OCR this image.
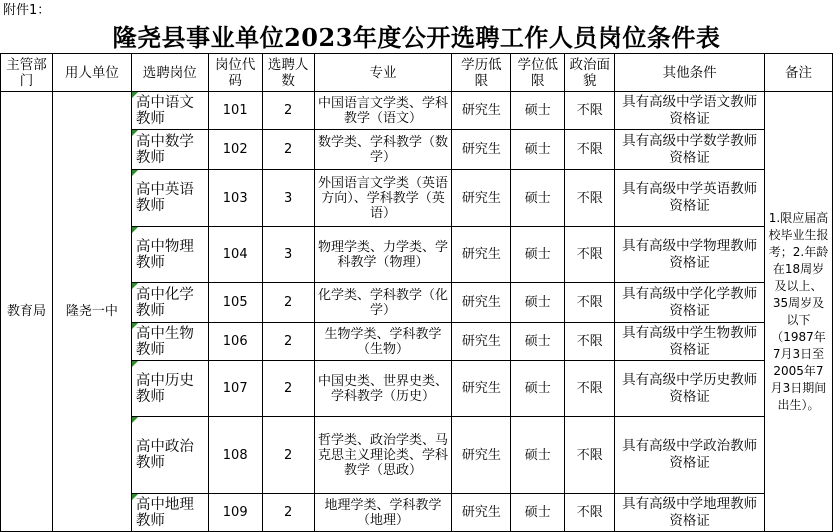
附件1：
隆尧县事业单位2023年度公开选聘工作人员岗位条件表
主管部门	用人单位	选聘岗位	岗位代码	选聘人数	专业	学历低限	学位低限	政治面貌	其他条件	备注
教育局	隆尧一中	高中语文教师	101	2	中国语言文学类、学科教学（语文）	研究生	硕士	不限	具有高级中学语文教师资格证	1.限应届高校毕业生报考；2.年龄在18周岁及以上、35周岁及以下（1987年7月3日至2005年7月3日期间出生）。
		高中数学教师	102	2	数学类、学科教学（数学）	研究生	硕士	不限	具有高级中学数学教师资格证	
		高中英语教师	103	3	外国语言文学类（英语方向）、学科教学（英语）	研究生	硕士	不限	具有高级中学英语教师资格证	
		高中物理教师	104	3	物理学类、力学类、学科教学（物理）	研究生	硕士	不限	具有高级中学物理教师资格证	
		高中化学教师	105	2	化学类、学科教学（化学）	研究生	硕士	不限	具有高级中学化学教师资格证	
		高中生物教师	106	2	生物学类、学科教学（生物）	研究生	硕士	不限	具有高级中学生物教师资格证	
		高中历史教师	107	2	中国史类、世界史类、学科教学（历史）	研究生	硕士	不限	具有高级中学历史教师资格证	
		高中政治教师	108	2	哲学类、政治学类、马克思主义理论类、学科教学（思政）	研究生	硕士	不限	具有高级中学政治教师资格证	
		高中地理教师	109	2	地理学类、学科教学（地理）	研究生	硕士	不限	具有高级中学地理教师资格证	
